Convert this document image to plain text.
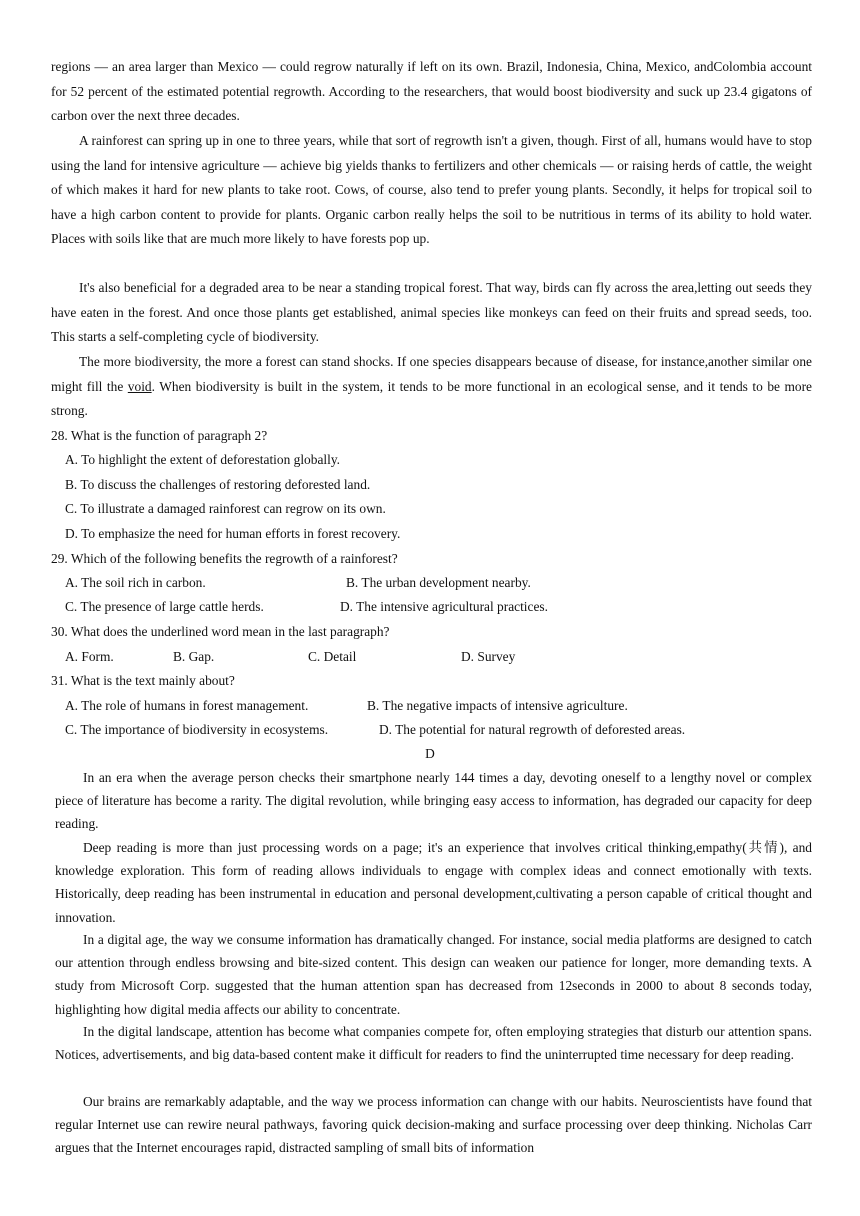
regions — an area larger than Mexico — could regrow naturally if left on its own. Brazil, Indonesia, China, Mexico, andColombia account for 52 percent of the estimated potential regrowth. According to the researchers, that would boost biodiversity and suck up 23.4 gigatons of carbon over the next three decades.

A rainforest can spring up in one to three years, while that sort of regrowth isn't a given, though. First of all, humans would have to stop using the land for intensive agriculture — achieve big yields thanks to fertilizers and other chemicals — or raising herds of cattle, the weight of which makes it hard for new plants to take root. Cows, of course, also tend to prefer young plants. Secondly, it helps for tropical soil to have a high carbon content to provide for plants. Organic carbon really helps the soil to be nutritious in terms of its ability to hold water. Places with soils like that are much more likely to have forests pop up.

It's also beneficial for a degraded area to be near a standing tropical forest. That way, birds can fly across the area,letting out seeds they have eaten in the forest. And once those plants get established, animal species like monkeys can feed on their fruits and spread seeds, too. This starts a self-completing cycle of biodiversity.

The more biodiversity, the more a forest can stand shocks. If one species disappears because of disease, for instance,another similar one might fill the void. When biodiversity is built in the system, it tends to be more functional in an ecological sense, and it tends to be more strong.

28. What is the function of paragraph 2?
A. To highlight the extent of deforestation globally.
B. To discuss the challenges of restoring deforested land.
C. To illustrate a damaged rainforest can regrow on its own.
D. To emphasize the need for human efforts in forest recovery.
29. Which of the following benefits the regrowth of a rainforest?
A. The soil rich in carbon.	B. The urban development nearby.
C. The presence of large cattle herds.	D. The intensive agricultural practices.
30. What does the underlined word mean in the last paragraph?
A. Form.	B. Gap.	C. Detail	D. Survey
31. What is the text mainly about?
A. The role of humans in forest management.	B. The negative impacts of intensive agriculture.
C. The importance of biodiversity in ecosystems.	D. The potential for natural regrowth of deforested areas.
D

In an era when the average person checks their smartphone nearly 144 times a day, devoting oneself to a lengthy novel or complex piece of literature has become a rarity. The digital revolution, while bringing easy access to information, has degraded our capacity for deep reading.

Deep reading is more than just processing words on a page; it's an experience that involves critical thinking,empathy(共情), and knowledge exploration. This form of reading allows individuals to engage with complex ideas and connect emotionally with texts. Historically, deep reading has been instrumental in education and personal development,cultivating a person capable of critical thought and innovation.

In a digital age, the way we consume information has dramatically changed. For instance, social media platforms are designed to catch our attention through endless browsing and bite-sized content. This design can weaken our patience for longer, more demanding texts. A study from Microsoft Corp. suggested that the human attention span has decreased from 12seconds in 2000 to about 8 seconds today, highlighting how digital media affects our ability to concentrate.

In the digital landscape, attention has become what companies compete for, often employing strategies that disturb our attention spans. Notices, advertisements, and big data-based content make it difficult for readers to find the uninterrupted time necessary for deep reading.

Our brains are remarkably adaptable, and the way we process information can change with our habits. Neuroscientists have found that regular Internet use can rewire neural pathways, favoring quick decision-making and surface processing over deep thinking. Nicholas Carr argues that the Internet encourages rapid, distracted sampling of small bits of information
